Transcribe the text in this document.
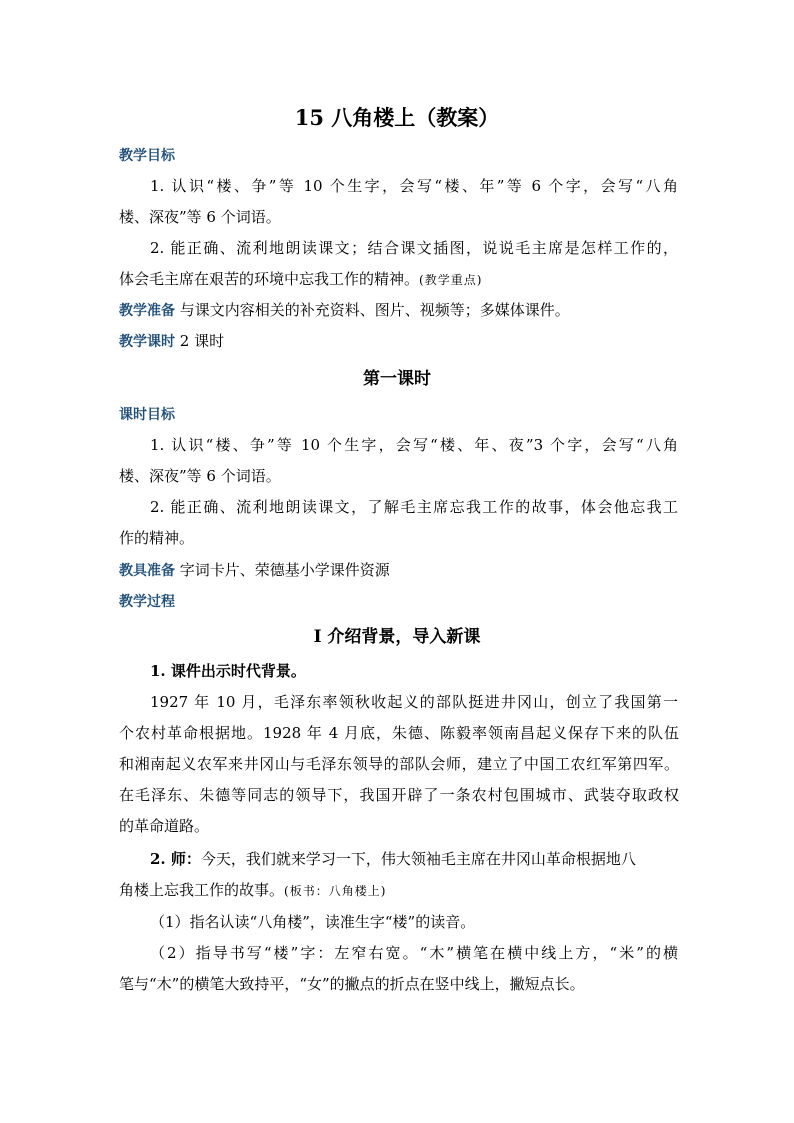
15 八角楼上（教案）
教学目标
1. 认识“楼、争”等 10 个生字，会写“楼、年”等 6 个字，会写“八角
楼、深夜”等 6 个词语。
2. 能正确、流利地朗读课文；结合课文插图，说说毛主席是怎样工作的，
体会毛主席在艰苦的环境中忘我工作的精神。(教学重点)
教学准备 与课文内容相关的补充资料、图片、视频等；多媒体课件。
教学课时 2 课时
第一课时
课时目标
1. 认识“楼、争”等 10 个生字，会写“楼、年、夜”3 个字，会写“八角
楼、深夜”等 6 个词语。
2. 能正确、流利地朗读课文，了解毛主席忘我工作的故事，体会他忘我工
作的精神。
教具准备 字词卡片、荣德基小学课件资源
教学过程
Ⅰ 介绍背景，导入新课
1. 课件出示时代背景。
1927 年 10 月，毛泽东率领秋收起义的部队挺进井冈山，创立了我国第一
个农村革命根据地。1928 年 4 月底，朱德、陈毅率领南昌起义保存下来的队伍
和湘南起义农军来井冈山与毛泽东领导的部队会师，建立了中国工农红军第四军。
在毛泽东、朱德等同志的领导下，我国开辟了一条农村包围城市、武装夺取政权
的革命道路。
2. 师：今天，我们就来学习一下，伟大领袖毛主席在井冈山革命根据地八
角楼上忘我工作的故事。(板书：八角楼上)
（1）指名认读“八角楼”，读准生字“楼”的读音。
（2）指导书写“楼”字：左窄右宽。“木”横笔在横中线上方，“米”的横
笔与“木”的横笔大致持平，“女”的撇点的折点在竖中线上，撇短点长。
